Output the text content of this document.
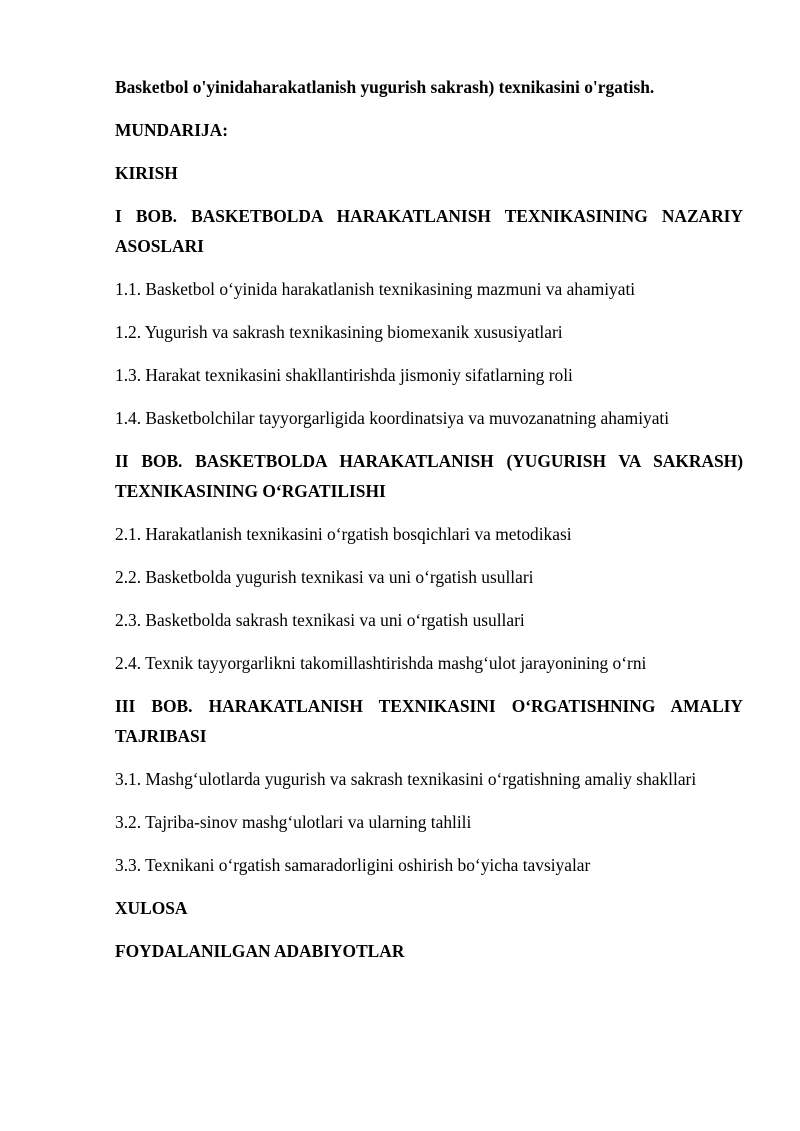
Basketbol o'yinidaharakatlanish yugurish sakrash) texnikasini o'rgatish.

MUNDARIJA:

KIRISH

I BOB. BASKETBOLDA HARAKATLANISH TEXNIKASINING NAZARIY ASOSLARI

1.1. Basketbol o‘yinida harakatlanish texnikasining mazmuni va ahamiyati

1.2. Yugurish va sakrash texnikasining biomexanik xususiyatlari

1.3. Harakat texnikasini shakllantirishda jismoniy sifatlarning roli

1.4. Basketbolchilar tayyorgarligida koordinatsiya va muvozanatning ahamiyati

II BOB. BASKETBOLDA HARAKATLANISH (YUGURISH VA SAKRASH) TEXNIKASINING O‘RGATILISHI

2.1. Harakatlanish texnikasini o‘rgatish bosqichlari va metodikasi

2.2. Basketbolda yugurish texnikasi va uni o‘rgatish usullari

2.3. Basketbolda sakrash texnikasi va uni o‘rgatish usullari

2.4. Texnik tayyorgarlikni takomillashtirishda mashg‘ulot jarayonining o‘rni

III BOB. HARAKATLANISH TEXNIKASINI O‘RGATISHNING AMALIY TAJRIBASI

3.1. Mashg‘ulotlarda yugurish va sakrash texnikasini o‘rgatishning amaliy shakllari

3.2. Tajriba-sinov mashg‘ulotlari va ularning tahlili

3.3. Texnikani o‘rgatish samaradorligini oshirish bo‘yicha tavsiyalar

XULOSA

FOYDALANILGAN ADABIYOTLAR
